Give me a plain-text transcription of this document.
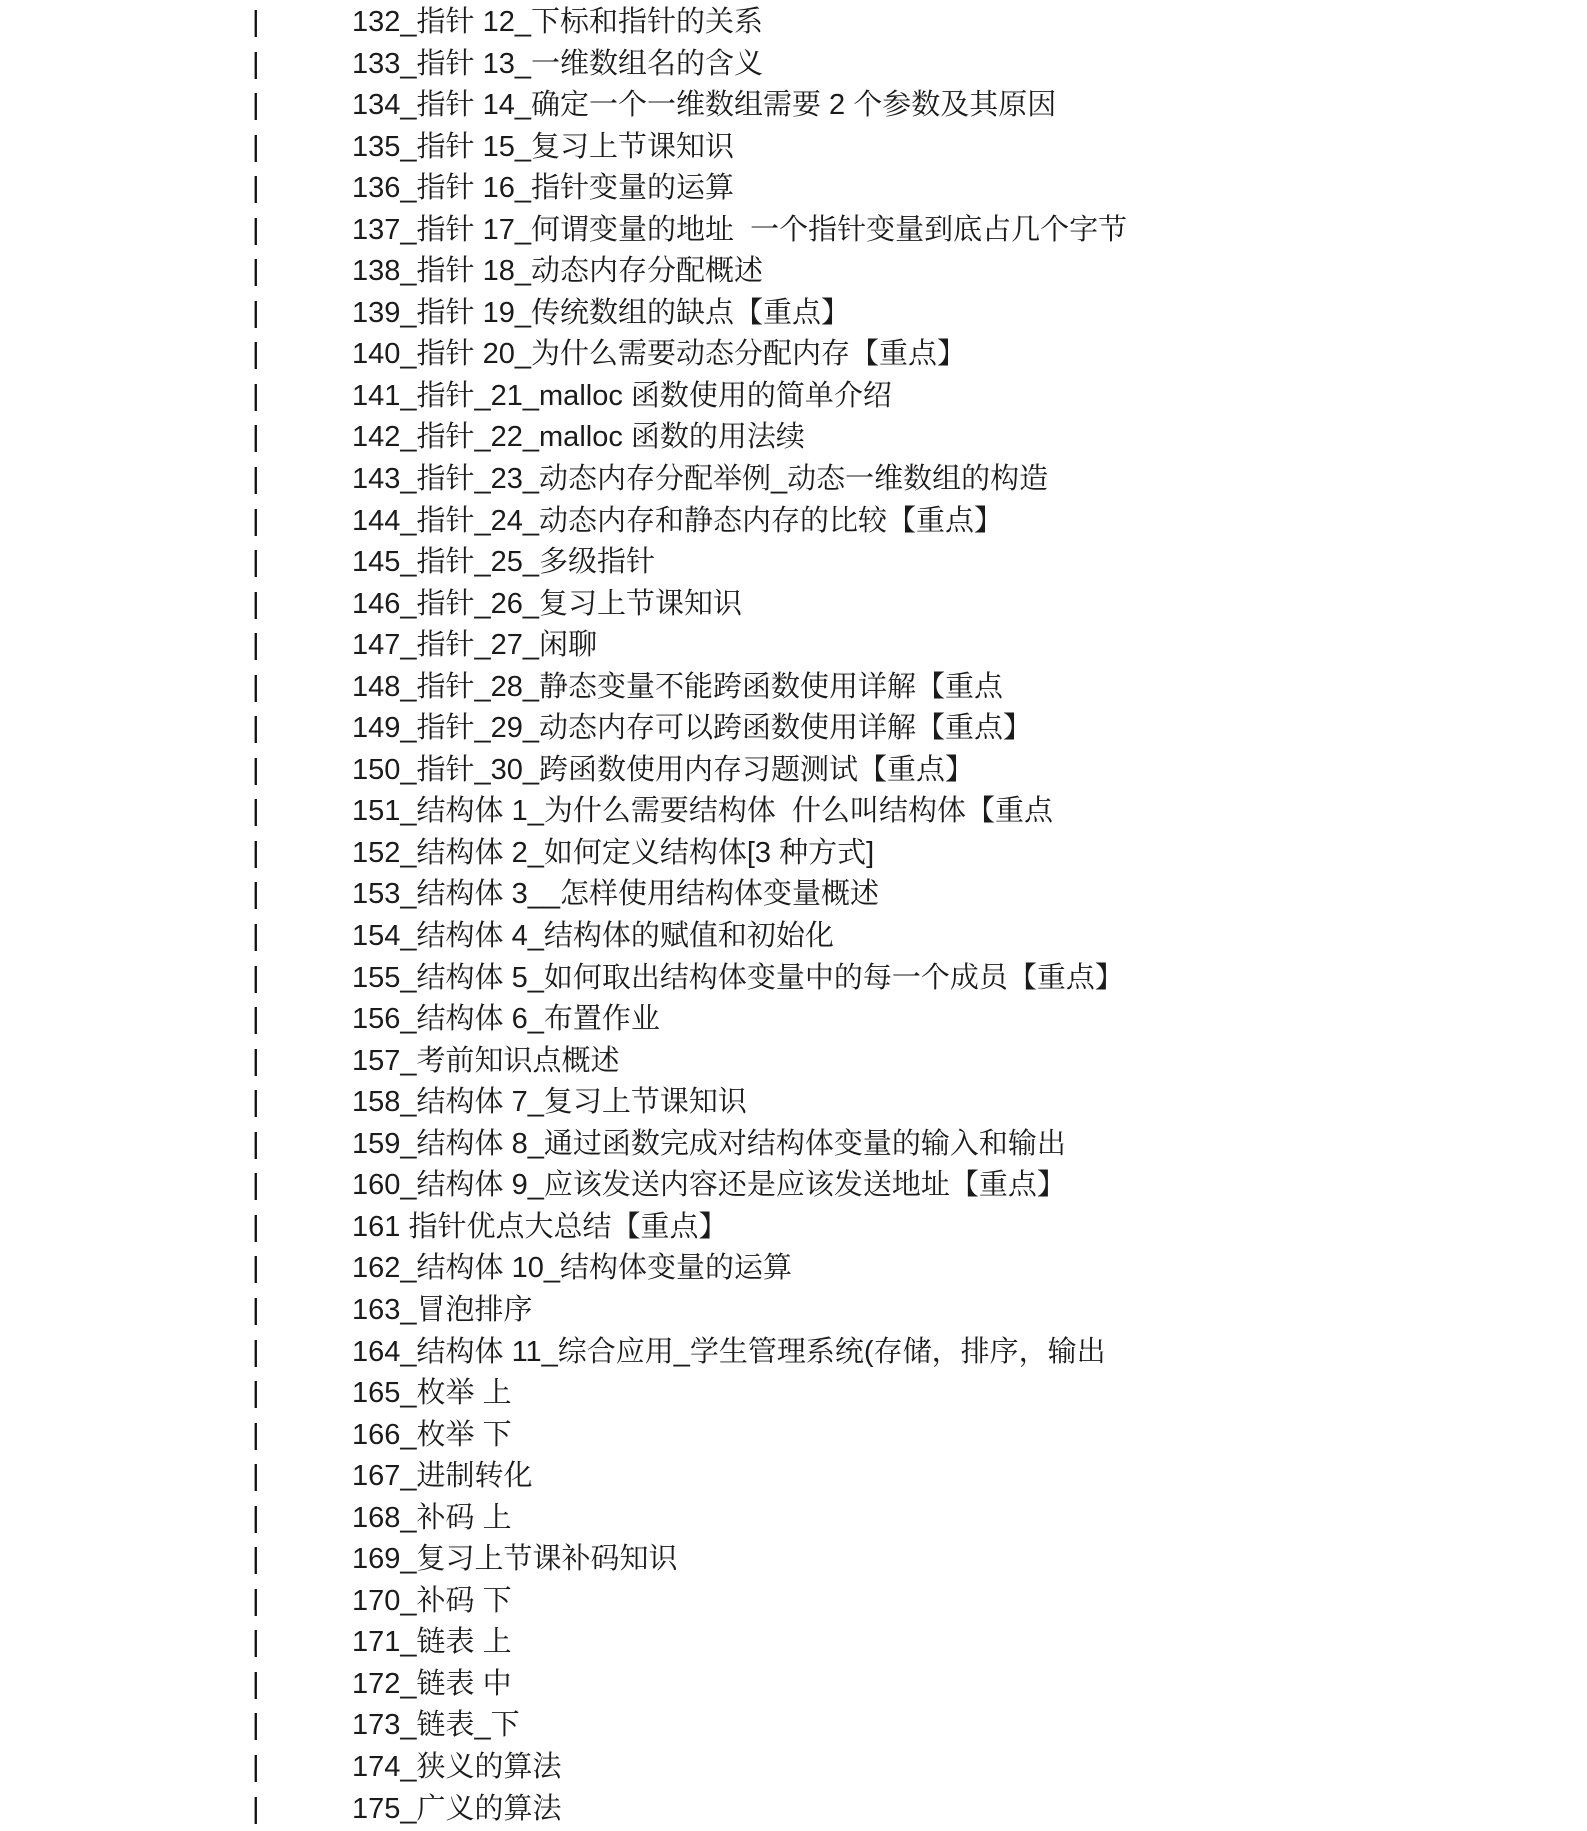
|	132_指针 12_下标和指针的关系
|	133_指针 13_一维数组名的含义
|	134_指针 14_确定一个一维数组需要 2 个参数及其原因
|	135_指针 15_复习上节课知识
|	136_指针 16_指针变量的运算
|	137_指针 17_何谓变量的地址  一个指针变量到底占几个字节
|	138_指针 18_动态内存分配概述
|	139_指针 19_传统数组的缺点【重点】
|	140_指针 20_为什么需要动态分配内存【重点】
|	141_指针_21_malloc 函数使用的简单介绍
|	142_指针_22_malloc 函数的用法续
|	143_指针_23_动态内存分配举例_动态一维数组的构造
|	144_指针_24_动态内存和静态内存的比较【重点】
|	145_指针_25_多级指针
|	146_指针_26_复习上节课知识
|	147_指针_27_闲聊
|	148_指针_28_静态变量不能跨函数使用详解【重点
|	149_指针_29_动态内存可以跨函数使用详解【重点】
|	150_指针_30_跨函数使用内存习题测试【重点】
|	151_结构体 1_为什么需要结构体  什么叫结构体【重点
|	152_结构体 2_如何定义结构体[3 种方式]
|	153_结构体 3__怎样使用结构体变量概述
|	154_结构体 4_结构体的赋值和初始化
|	155_结构体 5_如何取出结构体变量中的每一个成员【重点】
|	156_结构体 6_布置作业
|	157_考前知识点概述
|	158_结构体 7_复习上节课知识
|	159_结构体 8_通过函数完成对结构体变量的输入和输出
|	160_结构体 9_应该发送内容还是应该发送地址【重点】
|	161 指针优点大总结【重点】
|	162_结构体 10_结构体变量的运算
|	163_冒泡排序
|	164_结构体 11_综合应用_学生管理系统(存储，排序，输出
|	165_枚举 上
|	166_枚举 下
|	167_进制转化
|	168_补码 上
|	169_复习上节课补码知识
|	170_补码 下
|	171_链表 上
|	172_链表 中
|	173_链表_下
|	174_狭义的算法
|	175_广义的算法
